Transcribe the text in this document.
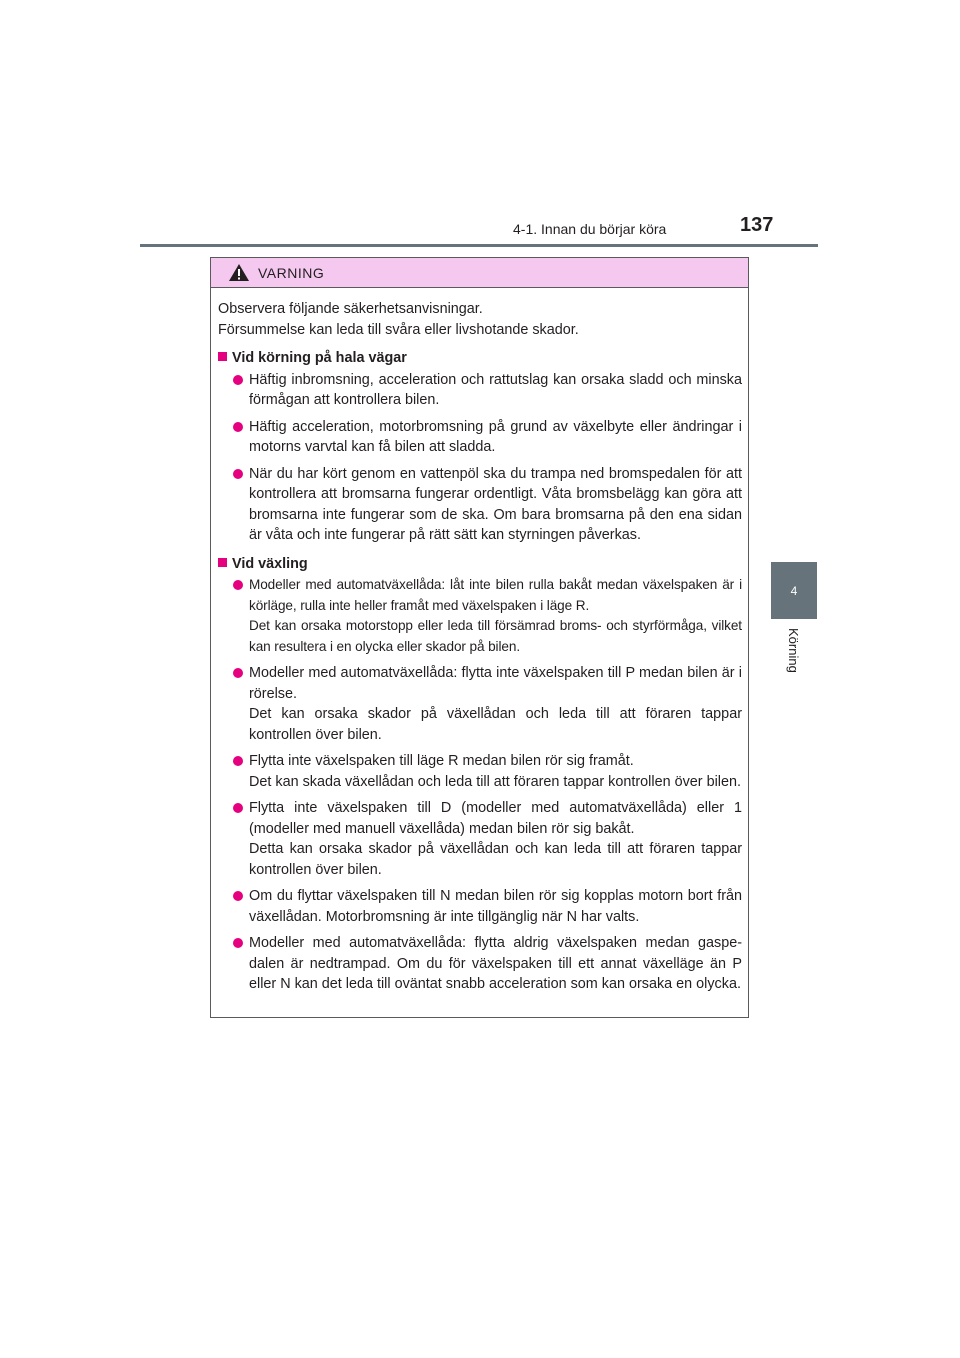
4-1. Innan du börjar köra	137
4
Körning
VARNING

Observera följande säkerhetsanvisningar.

Försummelse kan leda till svåra eller livshotande skador.

Vid körning på hala vägar
Häftig inbromsning, acceleration och rattutslag kan orsaka sladd och minska förmågan att kontrollera bilen.
Häftig acceleration, motorbromsning på grund av växelbyte eller ändringar i motorns varvtal kan få bilen att sladda.
När du har kört genom en vattenpöl ska du trampa ned bromspedalen för att kontrollera att bromsarna fungerar ordentligt. Våta bromsbelägg kan göra att bromsarna inte fungerar som de ska. Om bara bromsarna på den ena sidan är våta och inte fungerar på rätt sätt kan styrningen påverkas.
Vid växling
Modeller med automatväxellåda: låt inte bilen rulla bakåt medan växelspaken är i körläge, rulla inte heller framåt med växelspaken i läge R.
Det kan orsaka motorstopp eller leda till försämrad broms- och styrförmåga, vilket kan resultera i en olycka eller skador på bilen.
Modeller med automatväxellåda: flytta inte växelspaken till P medan bilen är i rörelse.
Det kan orsaka skador på växellådan och leda till att föraren tappar kontrollen över bilen.
Flytta inte växelspaken till läge R medan bilen rör sig framåt.
Det kan skada växellådan och leda till att föraren tappar kontrollen över bilen.
Flytta inte växelspaken till D (modeller med automatväxellåda) eller 1 (modeller med manuell växellåda) medan bilen rör sig bakåt.
Detta kan orsaka skador på växellådan och kan leda till att föraren tappar kontrollen över bilen.
Om du flyttar växelspaken till N medan bilen rör sig kopplas motorn bort från växellådan. Motorbromsning är inte tillgänglig när N har valts.
Modeller med automatväxellåda: flytta aldrig växelspaken medan gaspe- dalen är nedtrampad. Om du för växelspaken till ett annat växelläge än P eller N kan det leda till oväntat snabb acceleration som kan orsaka en olycka.
